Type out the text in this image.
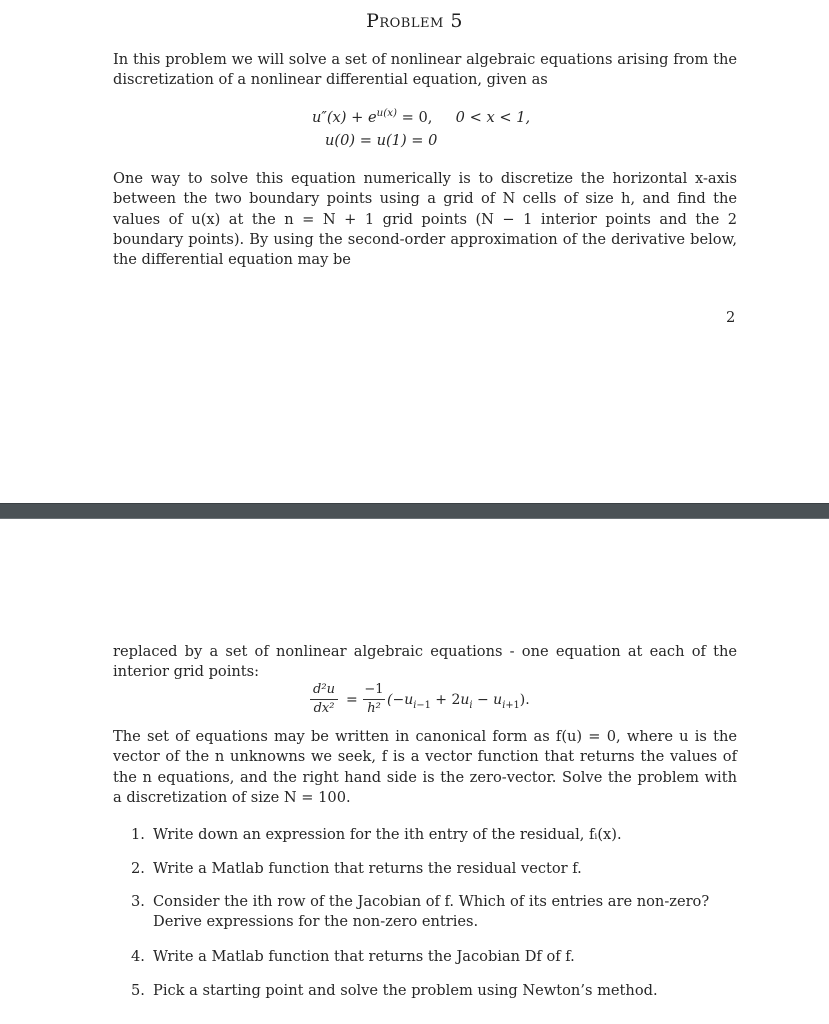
Problem 5
In this problem we will solve a set of nonlinear algebraic equations arising from the discretization of a nonlinear differential equation, given as
$u''(x) + e^{u(x)} = 0$, 0 < x < 1,
u(0) = u(1) = 0
One way to solve this equation numerically is to discretize the horizontal x-axis between the two boundary points using a grid of N cells of size h, and find the values of u(x) at the n = N + 1 grid points (N − 1 interior points and the 2 boundary points). By using the second-order approximation of the derivative below, the differential equation may be
2
replaced by a set of nonlinear algebraic equations - one equation at each of the interior grid points:
d²u
dx²
=
−1
h²
$(-u_{i-1} + 2u_i - u_{i+1})$.
The set of equations may be written in canonical form as f(u) = 0, where u is the vector of the n unknowns we seek, f is a vector function that returns the values of the n equations, and the right hand side is the zero-vector. Solve the problem with a discretization of size N = 100.
1. Write down an expression for the ith entry of the residual, fᵢ(x).
2. Write a Matlab function that returns the residual vector f.
3. Consider the ith row of the Jacobian of f. Which of its entries are non-zero? Derive expressions for the non-zero entries.
4. Write a Matlab function that returns the Jacobian Df of f.
5. Pick a starting point and solve the problem using Newton’s method.
